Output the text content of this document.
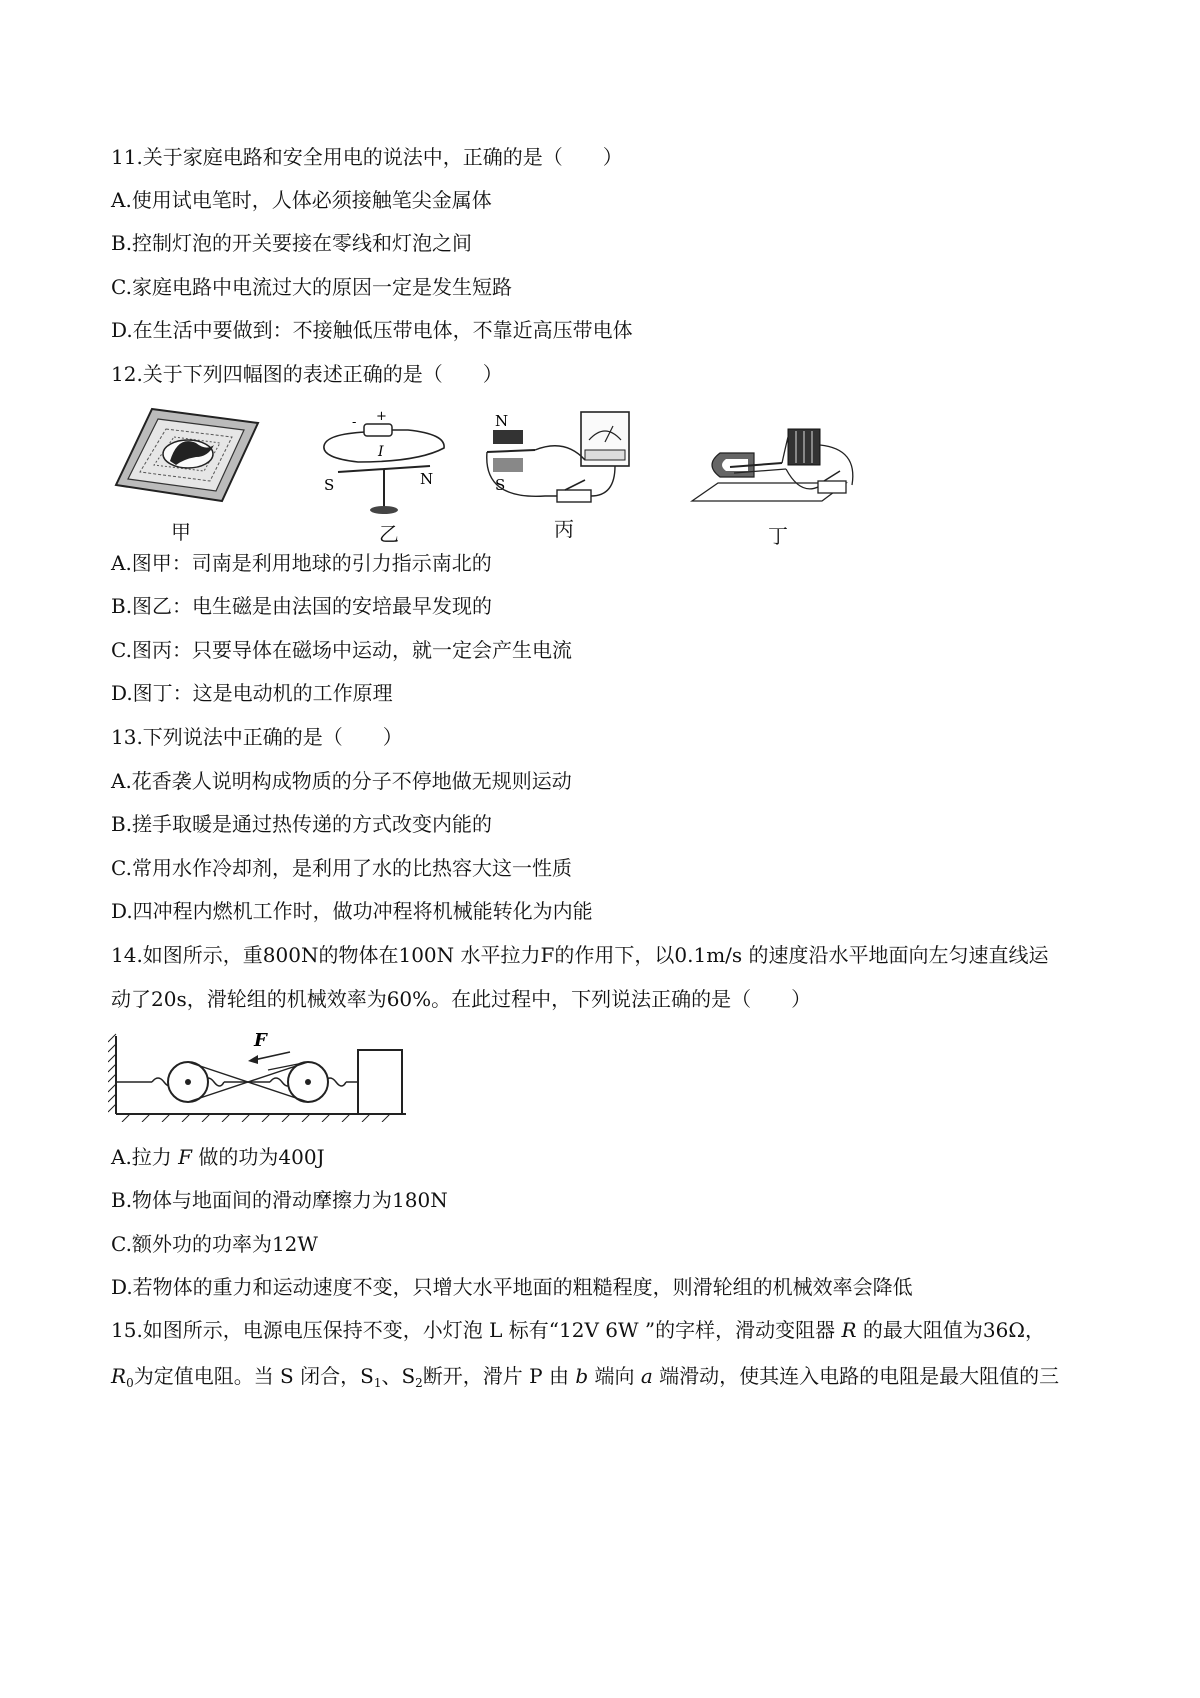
11.关于家庭电路和安全用电的说法中，正确的是（　　）
A.使用试电笔时，人体必须接触笔尖金属体
B.控制灯泡的开关要接在零线和灯泡之间
C.家庭电路中电流过大的原因一定是发生短路
D.在生活中要做到：不接触低压带电体，不靠近高压带电体
12.关于下列四幅图的表述正确的是（　　）
甲
- +
I
S	N
乙
N
S
丙	丁
A.图甲：司南是利用地球的引力指示南北的
B.图乙：电生磁是由法国的安培最早发现的
C.图丙：只要导体在磁场中运动，就一定会产生电流
D.图丁：这是电动机的工作原理
13.下列说法中正确的是（　　）
A.花香袭人说明构成物质的分子不停地做无规则运动
B.搓手取暖是通过热传递的方式改变内能的
C.常用水作冷却剂，是利用了水的比热容大这一性质
D.四冲程内燃机工作时，做功冲程将机械能转化为内能
14.如图所示，重800N的物体在100N 水平拉力F的作用下，以0.1m/s 的速度沿水平地面向左匀速直线运
动了20s，滑轮组的机械效率为60%。在此过程中，下列说法正确的是（　　）
F
A.拉力 F 做的功为400J
B.物体与地面间的滑动摩擦力为180N
C.额外功的功率为12W
D.若物体的重力和运动速度不变，只增大水平地面的粗糙程度，则滑轮组的机械效率会降低
15.如图所示，电源电压保持不变，小灯泡 L 标有“12V 6W ”的字样，滑动变阻器 R 的最大阻值为36Ω，
$R_0$为定值电阻。当 S 闭合，$S_1$、$S_2$断开，滑片 P 由 b 端向 a 端滑动，使其连入电路的电阻是最大阻值的三
